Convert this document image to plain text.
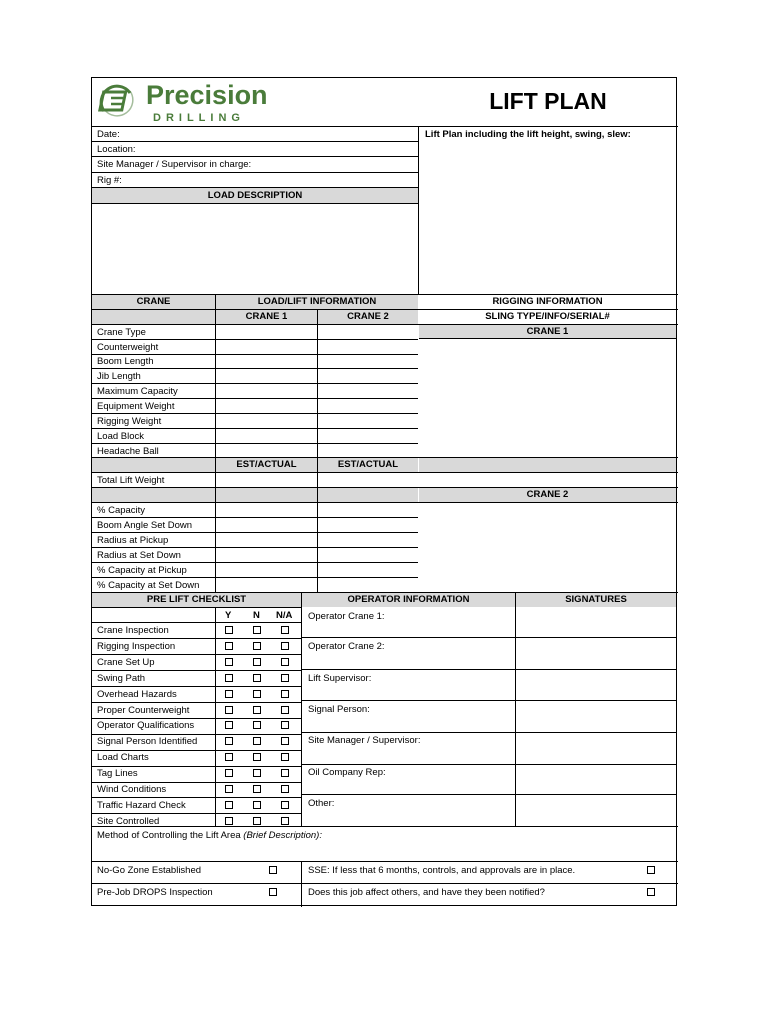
Precision
DRILLING
LIFT PLAN
Date:
Location:
Site Manager / Supervisor in charge:
Rig #:
Lift Plan including the lift height, swing, slew:
LOAD DESCRIPTION
CRANE	LOAD/LIFT INFORMATION	RIGGING INFORMATION
CRANE 1	CRANE 2	SLING TYPE/INFO/SERIAL#
CRANE 1
Crane Type
Counterweight
Boom Length
Jib Length
Maximum Capacity
Equipment Weight
Rigging Weight
Load Block
Headache Ball
EST/ACTUAL	EST/ACTUAL
Total Lift Weight
CRANE 2
% Capacity
Boom Angle Set Down
Radius at Pickup
Radius at Set Down
% Capacity at Pickup
% Capacity at Set Down
PRE LIFT CHECKLIST	OPERATOR INFORMATION	SIGNATURES
Y N N/A
Crane Inspection
Rigging Inspection
Crane Set Up
Swing Path
Overhead Hazards
Proper Counterweight
Operator Qualifications
Signal Person Identified
Load Charts
Tag Lines
Wind Conditions
Traffic Hazard Check
Site Controlled
Operator Crane 1:
Operator Crane 2:
Lift Supervisor:
Signal Person:
Site Manager / Supervisor:
Oil Company Rep:
Other:
Method of Controlling the Lift Area (Brief Description):
No-Go Zone Established	SSE: If less that 6 months, controls, and approvals are in place.
Pre-Job DROPS Inspection	Does this job affect others, and have they been notified?
